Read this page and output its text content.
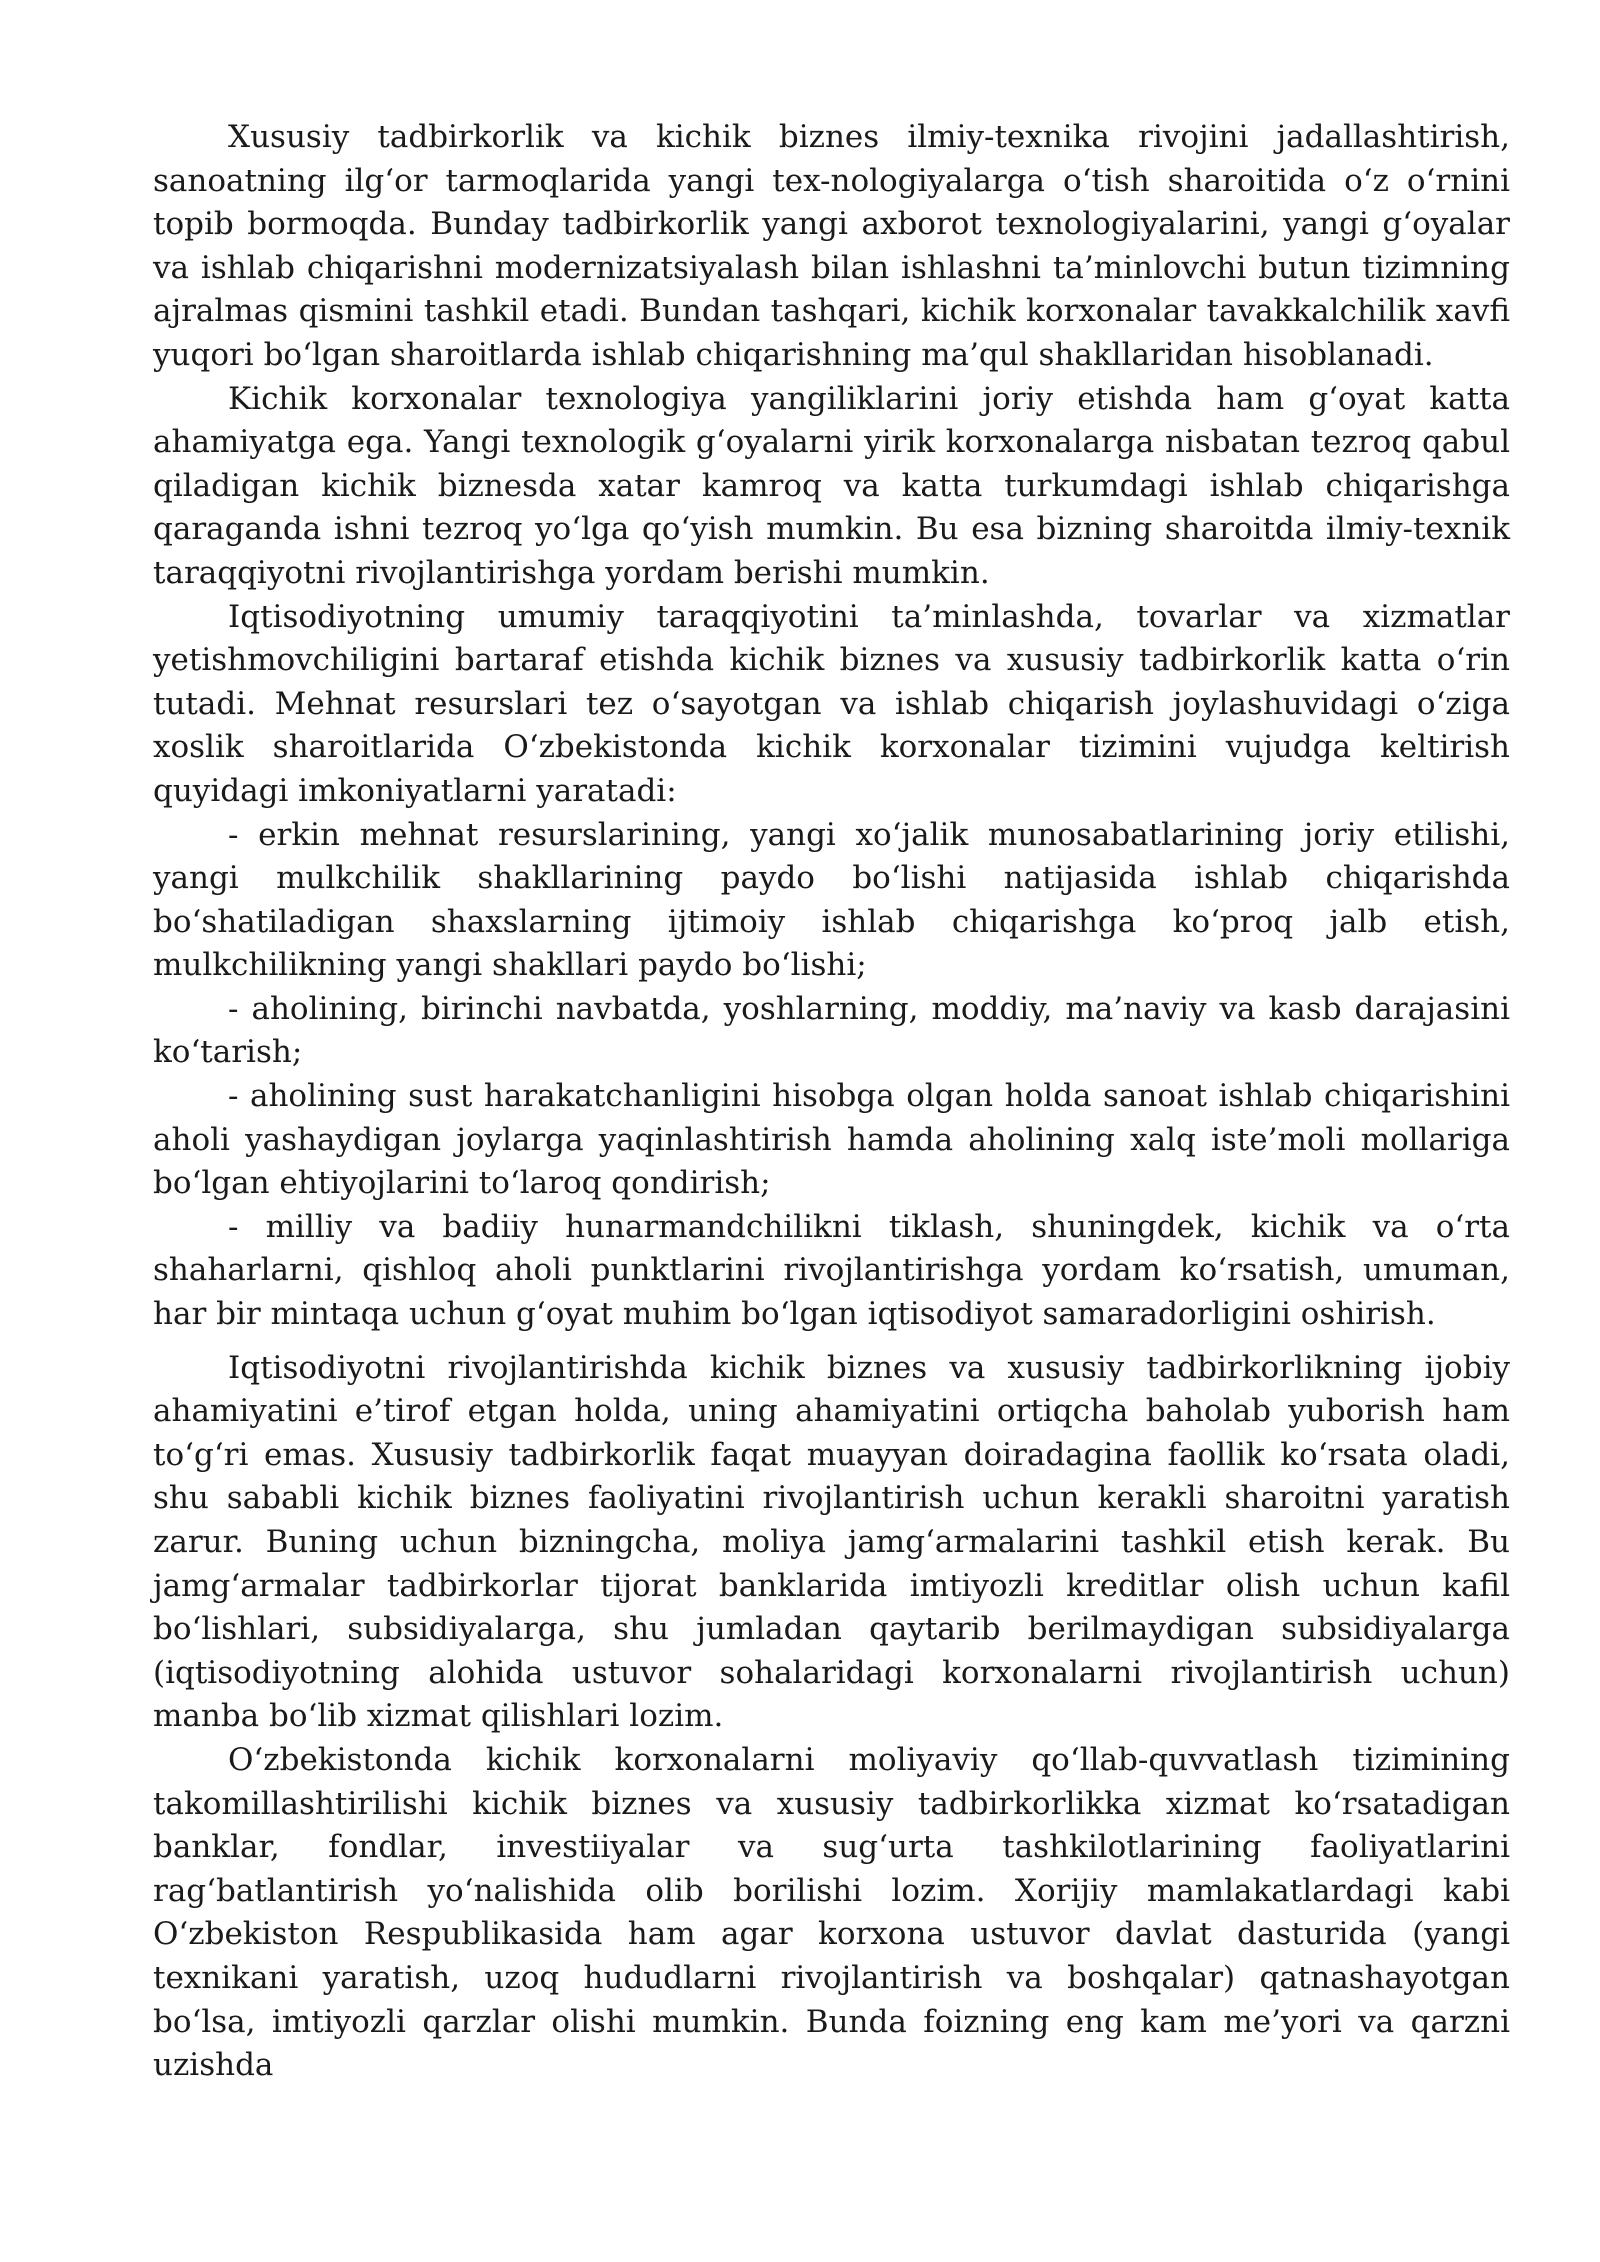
Xususiy tadbirkorlik va kichik biznes ilmiy-texnika rivojini jadallashtirish, sanoatning ilg‘or tarmoqlarida yangi tex-nologiyalarga o‘tish sharoitida o‘z o‘rnini topib bormoqda. Bunday tadbirkorlik yangi axborot texnologiyalarini, yangi g‘oyalar va ishlab chiqarishni modernizatsiyalash bilan ishlashni ta’minlovchi butun tizimning ajralmas qismini tashkil etadi. Bundan tashqari, kichik korxonalar tavakkalchilik xavfi yuqori bo‘lgan sharoitlarda ishlab chiqarishning ma’qul shakllaridan hisoblanadi.

Kichik korxonalar texnologiya yangiliklarini joriy etishda ham g‘oyat katta ahamiyatga ega. Yangi texnologik g‘oyalarni yirik korxonalarga nisbatan tezroq qabul qiladigan kichik biznesda xatar kamroq va katta turkumdagi ishlab chiqarishga qaraganda ishni tezroq yo‘lga qo‘yish mumkin. Bu esa bizning sharoitda ilmiy-texnik taraqqiyotni rivojlantirishga yordam berishi mumkin.

Iqtisodiyotning umumiy taraqqiyotini ta’minlashda, tovarlar va xizmatlar yetishmovchiligini bartaraf etishda kichik biznes va xususiy tadbirkorlik katta o‘rin tutadi. Mehnat resurslari tez o‘sayotgan va ishlab chiqarish joylashuvidagi o‘ziga xoslik sharoitlarida O‘zbekistonda kichik korxonalar tizimini vujudga keltirish quyidagi imkoniyatlarni yaratadi:

- erkin mehnat resurslarining, yangi xo‘jalik munosabatlarining joriy etilishi, yangi mulkchilik shakllarining paydo bo‘lishi natijasida ishlab chiqarishda bo‘shatiladigan shaxslarning ijtimoiy ishlab chiqarishga ko‘proq jalb etish, mulkchilikning yangi shakllari paydo bo‘lishi;

- aholining, birinchi navbatda, yoshlarning, moddiy, ma’naviy va kasb darajasini ko‘tarish;

- aholining sust harakatchanligini hisobga olgan holda sanoat ishlab chiqarishini aholi yashaydigan joylarga yaqinlashtirish hamda aholining xalq iste’moli mollariga bo‘lgan ehtiyojlarini to‘laroq qondirish;

- milliy va badiiy hunarmandchilikni tiklash, shuningdek, kichik va o‘rta shaharlarni, qishloq aholi punktlarini rivojlantirishga yordam ko‘rsatish, umuman, har bir mintaqa uchun g‘oyat muhim bo‘lgan iqtisodiyot samaradorligini oshirish.

Iqtisodiyotni rivojlantirishda kichik biznes va xususiy tadbirkorlikning ijobiy ahamiyatini e’tirof etgan holda, uning ahamiyatini ortiqcha baholab yuborish ham to‘g‘ri emas. Xususiy tadbirkorlik faqat muayyan doiradagina faollik ko‘rsata oladi, shu sababli kichik biznes faoliyatini rivojlantirish uchun kerakli sharoitni yaratish zarur. Buning uchun bizningcha, moliya jamg‘armalarini tashkil etish kerak. Bu jamg‘armalar tadbirkorlar tijorat banklarida imtiyozli kreditlar olish uchun kafil bo‘lishlari, subsidiyalarga, shu jumladan qaytarib berilmaydigan subsidiyalarga (iqtisodiyotning alohida ustuvor sohalaridagi korxonalarni rivojlantirish uchun) manba bo‘lib xizmat qilishlari lozim.

O‘zbekistonda kichik korxonalarni moliyaviy qo‘llab-quvvatlash tizimining takomillashtirilishi kichik biznes va xususiy tadbirkorlikka xizmat ko‘rsatadigan banklar, fondlar, investiiyalar va sug‘urta tashkilotlarining faoliyatlarini rag‘batlantirish yo‘nalishida olib borilishi lozim. Xorijiy mamlakatlardagi kabi O‘zbekiston Respublikasida ham agar korxona ustuvor davlat dasturida (yangi texnikani yaratish, uzoq hududlarni rivojlantirish va boshqalar) qatnashayotgan bo‘lsa, imtiyozli qarzlar olishi mumkin. Bunda foizning eng kam me’yori va qarzni uzishda
